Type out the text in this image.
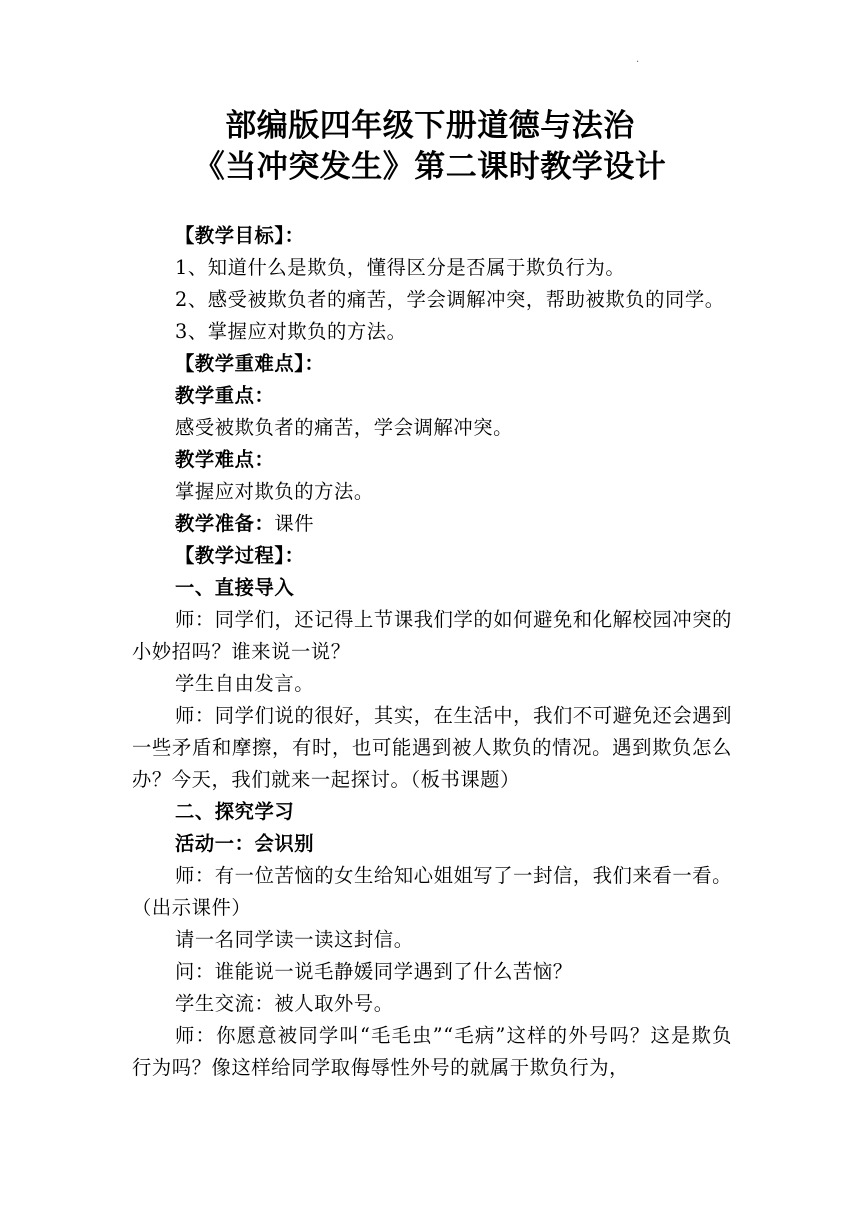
·
部编版四年级下册道德与法治
《当冲突发生》第二课时教学设计

【教学目标】：

1、知道什么是欺负，懂得区分是否属于欺负行为。

2、感受被欺负者的痛苦，学会调解冲突，帮助被欺负的同学。

3、掌握应对欺负的方法。

【教学重难点】：

教学重点：

感受被欺负者的痛苦，学会调解冲突。

教学难点：

掌握应对欺负的方法。

教学准备：课件

【教学过程】：

一、直接导入

师：同学们，还记得上节课我们学的如何避免和化解校园冲突的小妙招吗？谁来说一说？

学生自由发言。

师：同学们说的很好，其实，在生活中，我们不可避免还会遇到一些矛盾和摩擦，有时，也可能遇到被人欺负的情况。遇到欺负怎么办？今天，我们就来一起探讨。（板书课题）

二、探究学习

活动一：会识别

师：有一位苦恼的女生给知心姐姐写了一封信，我们来看一看。（出示课件）

请一名同学读一读这封信。

问：谁能说一说毛静媛同学遇到了什么苦恼？

学生交流：被人取外号。

师：你愿意被同学叫“毛毛虫”“毛病”这样的外号吗？这是欺负行为吗？像这样给同学取侮辱性外号的就属于欺负行为，
